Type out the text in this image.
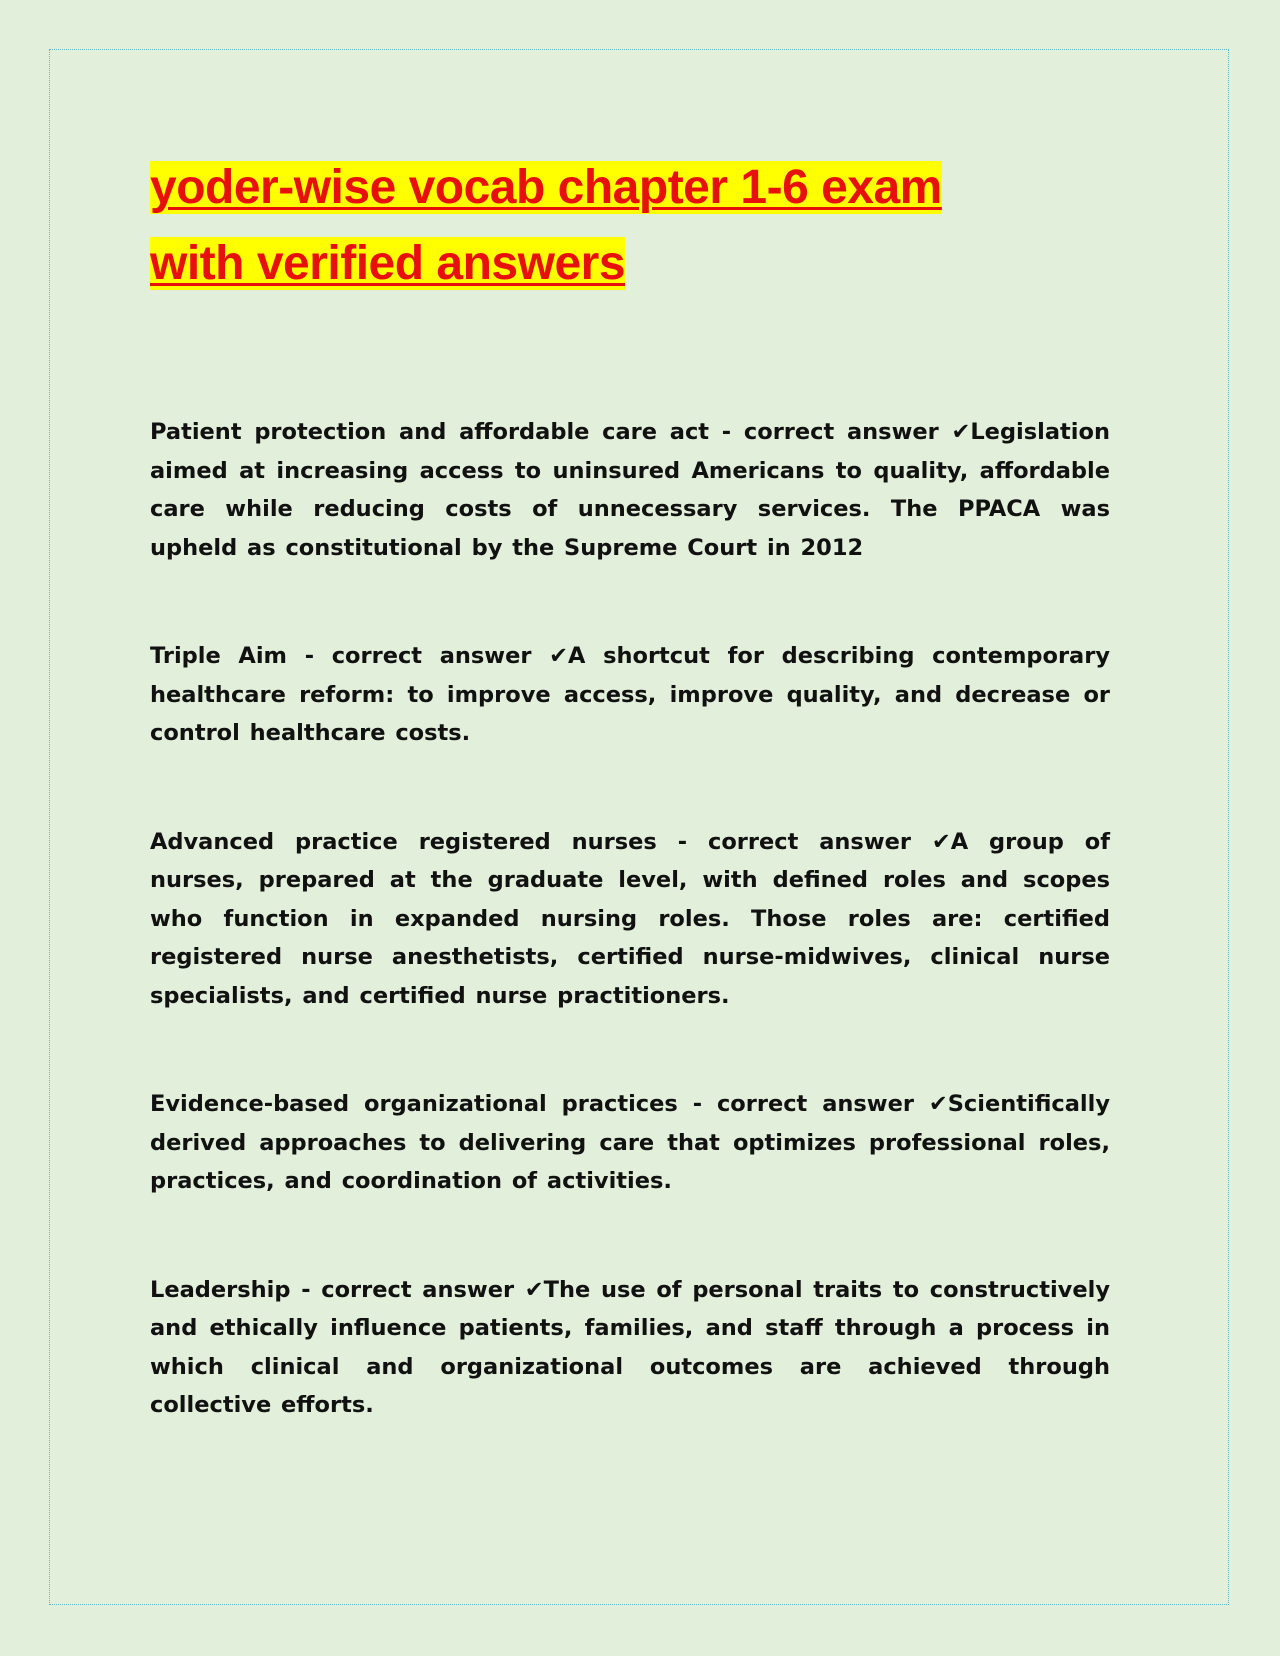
yoder-wise vocab chapter 1-6 exam
with verified answers

Patient protection and affordable care act - correct answer ✔Legislation aimed at increasing access to uninsured Americans to quality, affordable care while reducing costs of unnecessary services. The PPACA was upheld as constitutional by the Supreme Court in 2012

Triple Aim - correct answer ✔A shortcut for describing contemporary healthcare reform: to improve access, improve quality, and decrease or control healthcare costs.

Advanced practice registered nurses - correct answer ✔A group of nurses, prepared at the graduate level, with defined roles and scopes who function in expanded nursing roles. Those roles are: certified registered nurse anesthetists, certified nurse-midwives, clinical nurse specialists, and certified nurse practitioners.

Evidence-based organizational practices - correct answer ✔Scientifically derived approaches to delivering care that optimizes professional roles, practices, and coordination of activities.

Leadership - correct answer ✔The use of personal traits to constructively and ethically influence patients, families, and staff through a process in which clinical and organizational outcomes are achieved through collective efforts.
